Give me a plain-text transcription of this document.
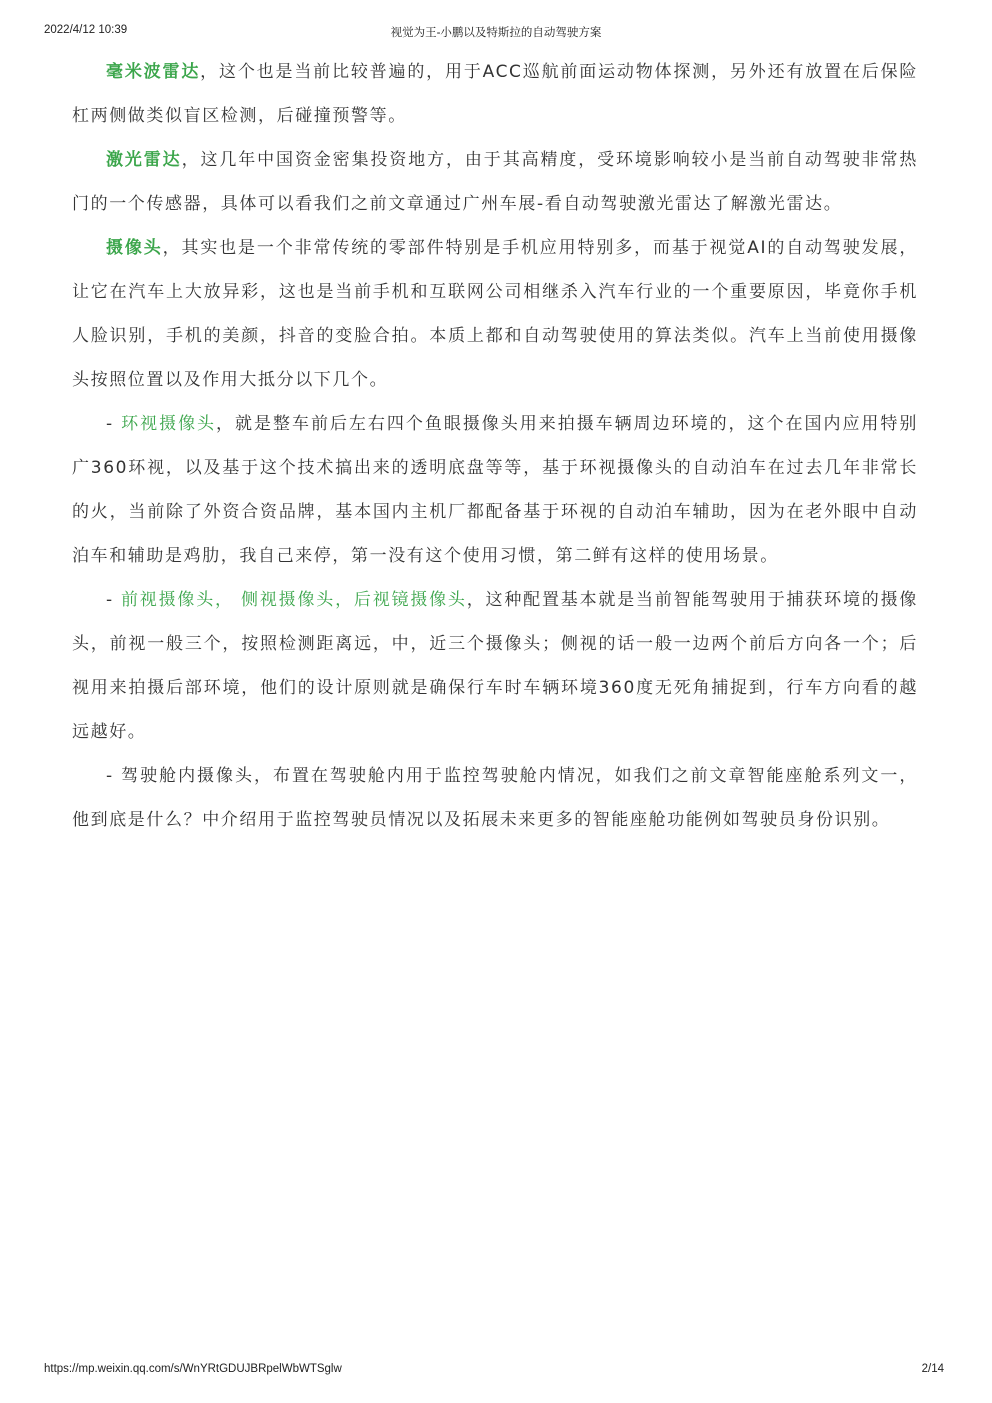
2022/4/12 10:39	视觉为王-小鹏以及特斯拉的自动驾驶方案

毫米波雷达，这个也是当前比较普遍的，用于ACC巡航前面运动物体探测，另外还有放置在后保险杠两侧做类似盲区检测，后碰撞预警等。

激光雷达，这几年中国资金密集投资地方，由于其高精度，受环境影响较小是当前自动驾驶非常热门的一个传感器，具体可以看我们之前文章通过广州车展-看自动驾驶激光雷达了解激光雷达。

摄像头，其实也是一个非常传统的零部件特别是手机应用特别多，而基于视觉AI的自动驾驶发展，让它在汽车上大放异彩，这也是当前手机和互联网公司相继杀入汽车行业的一个重要原因，毕竟你手机人脸识别，手机的美颜，抖音的变脸合拍。本质上都和自动驾驶使用的算法类似。汽车上当前使用摄像头按照位置以及作用大抵分以下几个。

- 环视摄像头，就是整车前后左右四个鱼眼摄像头用来拍摄车辆周边环境的，这个在国内应用特别广360环视，以及基于这个技术搞出来的透明底盘等等，基于环视摄像头的自动泊车在过去几年非常长的火，当前除了外资合资品牌，基本国内主机厂都配备基于环视的自动泊车辅助，因为在老外眼中自动泊车和辅助是鸡肋，我自己来停，第一没有这个使用习惯，第二鲜有这样的使用场景。

- 前视摄像头， 侧视摄像头，后视镜摄像头，这种配置基本就是当前智能驾驶用于捕获环境的摄像头，前视一般三个，按照检测距离远，中，近三个摄像头；侧视的话一般一边两个前后方向各一个；后视用来拍摄后部环境，他们的设计原则就是确保行车时车辆环境360度无死角捕捉到，行车方向看的越远越好。

- 驾驶舱内摄像头，布置在驾驶舱内用于监控驾驶舱内情况，如我们之前文章智能座舱系列文一，他到底是什么？中介绍用于监控驾驶员情况以及拓展未来更多的智能座舱功能例如驾驶员身份识别。

https://mp.weixin.qq.com/s/WnYRtGDUJBRpelWbWTSglw	2/14
